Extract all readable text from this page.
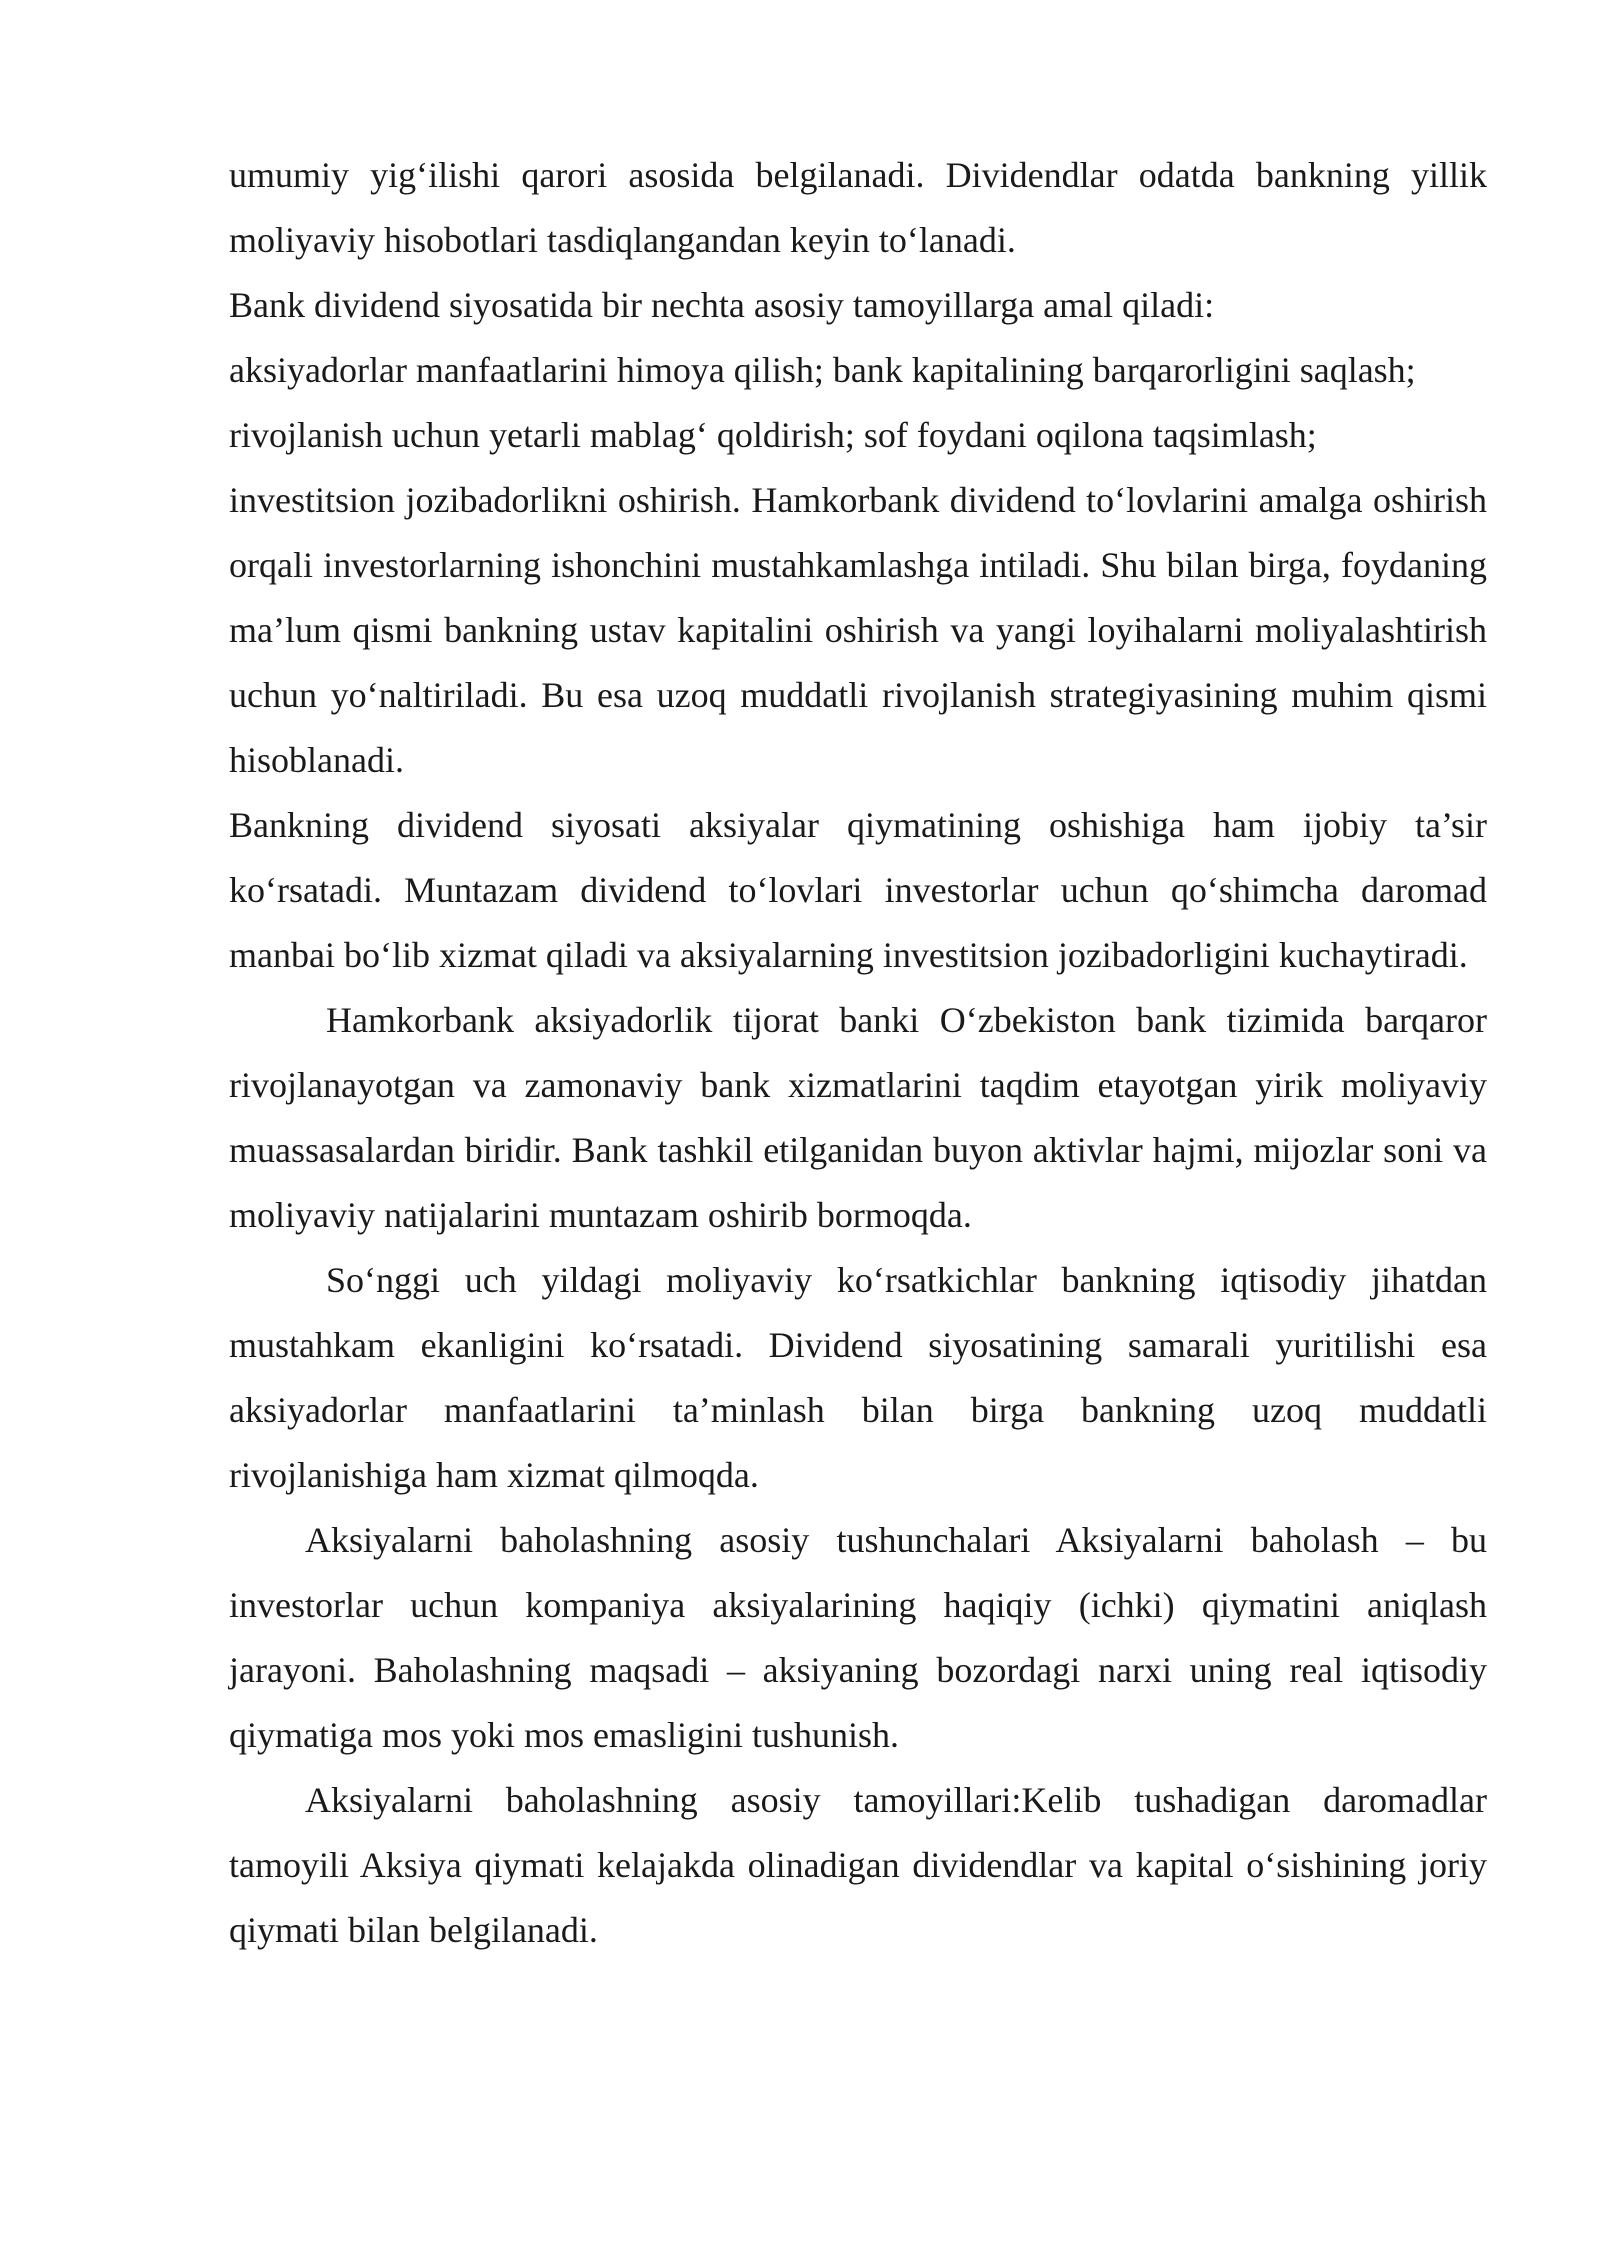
umumiy yig‘ilishi qarori asosida belgilanadi. Dividendlar odatda bankning yillik moliyaviy hisobotlari tasdiqlangandan keyin to‘lanadi.

Bank dividend siyosatida bir nechta asosiy tamoyillarga amal qiladi:

aksiyadorlar manfaatlarini himoya qilish; bank kapitalining barqarorligini saqlash;

rivojlanish uchun yetarli mablag‘ qoldirish; sof foydani oqilona taqsimlash;

investitsion jozibadorlikni oshirish. Hamkorbank dividend to‘lovlarini amalga oshirish orqali investorlarning ishonchini mustahkamlashga intiladi. Shu bilan birga, foydaning ma’lum qismi bankning ustav kapitalini oshirish va yangi loyihalarni moliyalashtirish uchun yo‘naltiriladi. Bu esa uzoq muddatli rivojlanish strategiyasining muhim qismi hisoblanadi.

Bankning dividend siyosati aksiyalar qiymatining oshishiga ham ijobiy ta’sir ko‘rsatadi. Muntazam dividend to‘lovlari investorlar uchun qo‘shimcha daromad manbai bo‘lib xizmat qiladi va aksiyalarning investitsion jozibadorligini kuchaytiradi.

Hamkorbank aksiyadorlik tijorat banki O‘zbekiston bank tizimida barqaror rivojlanayotgan va zamonaviy bank xizmatlarini taqdim etayotgan yirik moliyaviy muassasalardan biridir. Bank tashkil etilganidan buyon aktivlar hajmi, mijozlar soni va moliyaviy natijalarini muntazam oshirib bormoqda.

So‘nggi uch yildagi moliyaviy ko‘rsatkichlar bankning iqtisodiy jihatdan mustahkam ekanligini ko‘rsatadi. Dividend siyosatining samarali yuritilishi esa aksiyadorlar manfaatlarini ta’minlash bilan birga bankning uzoq muddatli rivojlanishiga ham xizmat qilmoqda.

Aksiyalarni baholashning asosiy tushunchalari Aksiyalarni baholash – bu investorlar uchun kompaniya aksiyalarining haqiqiy (ichki) qiymatini aniqlash jarayoni. Baholashning maqsadi – aksiyaning bozordagi narxi uning real iqtisodiy qiymatiga mos yoki mos emasligini tushunish.

Aksiyalarni baholashning asosiy tamoyillari:Kelib tushadigan daromadlar tamoyili Aksiya qiymati kelajakda olinadigan dividendlar va kapital o‘sishining joriy qiymati bilan belgilanadi.
